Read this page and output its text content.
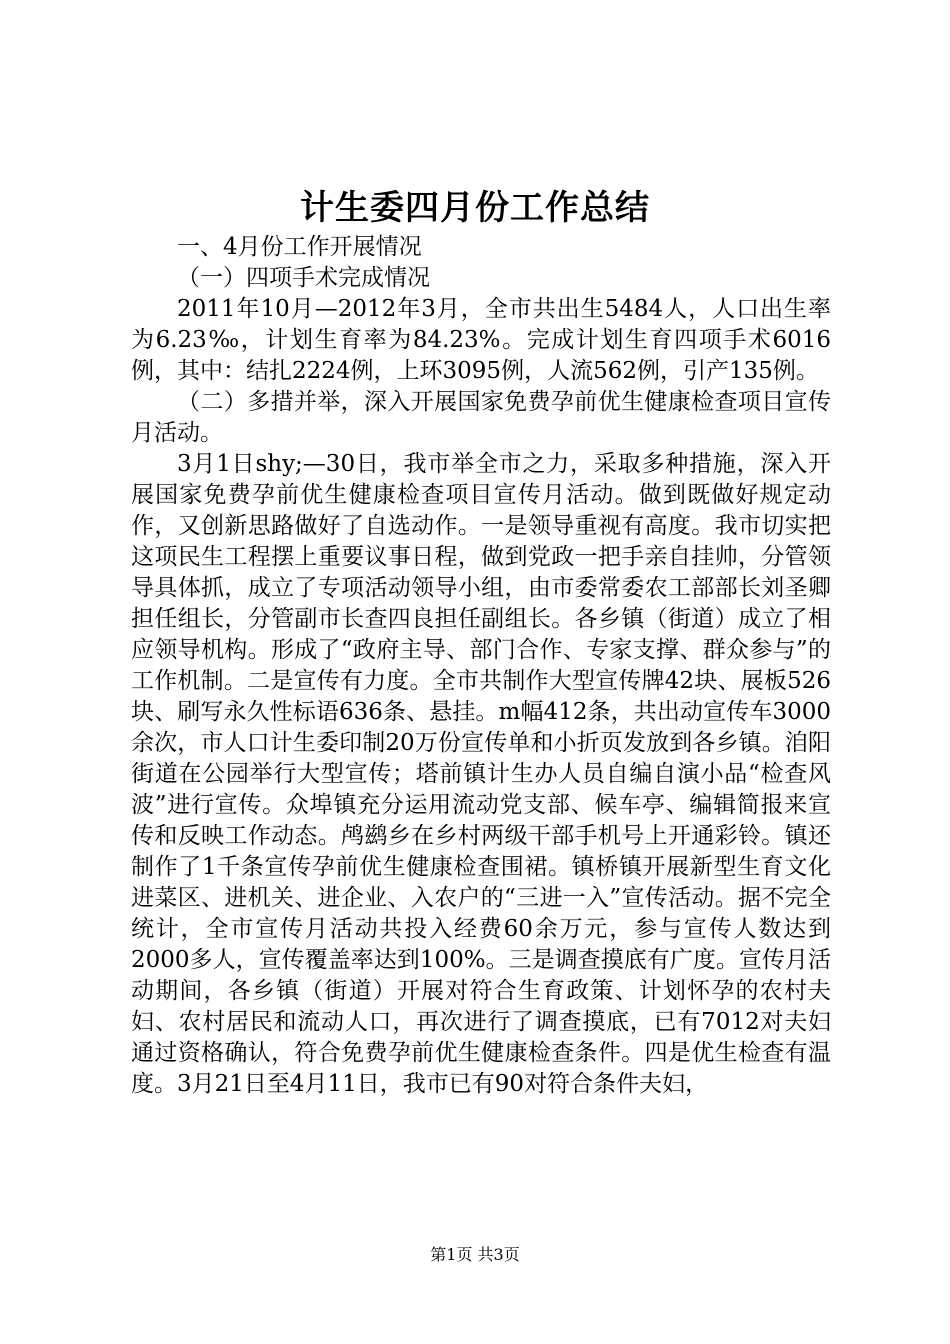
计生委四月份工作总结

一、4月份工作开展情况

（一）四项手术完成情况

2011年10月—2012年3月，全市共出生5484人，人口出生率为6.23‰，计划生育率为84.23%。完成计划生育四项手术6016例，其中：结扎2224例，上环3095例，人流562例，引产135例。

（二）多措并举，深入开展国家免费孕前优生健康检查项目宣传月活动。

3月1日shy;—30日，我市举全市之力，采取多种措施，深入开展国家免费孕前优生健康检查项目宣传月活动。做到既做好规定动作，又创新思路做好了自选动作。一是领导重视有高度。我市切实把这项民生工程摆上重要议事日程，做到党政一把手亲自挂帅，分管领导具体抓，成立了专项活动领导小组，由市委常委农工部部长刘圣卿担任组长，分管副市长查四良担任副组长。各乡镇（街道）成立了相应领导机构。形成了“政府主导、部门合作、专家支撑、群众参与”的工作机制。二是宣传有力度。全市共制作大型宣传牌42块、展板526块、刷写永久性标语636条、悬挂。m幅412条，共出动宣传车3000余次，市人口计生委印制20万份宣传单和小折页发放到各乡镇。洎阳街道在公园举行大型宣传；塔前镇计生办人员自编自演小品“检查风波”进行宣传。众埠镇充分运用流动党支部、候车亭、编辑简报来宣传和反映工作动态。鸬鹚乡在乡村两级干部手机号上开通彩铃。镇还制作了1千条宣传孕前优生健康检查围裙。镇桥镇开展新型生育文化进菜区、进机关、进企业、入农户的“三进一入”宣传活动。据不完全统计，全市宣传月活动共投入经费60余万元，参与宣传人数达到2000多人，宣传覆盖率达到100%。三是调查摸底有广度。宣传月活动期间，各乡镇（街道）开展对符合生育政策、计划怀孕的农村夫妇、农村居民和流动人口，再次进行了调查摸底，已有7012对夫妇通过资格确认，符合免费孕前优生健康检查条件。四是优生检查有温度。3月21日至4月11日，我市已有90对符合条件夫妇，

第1页 共3页
